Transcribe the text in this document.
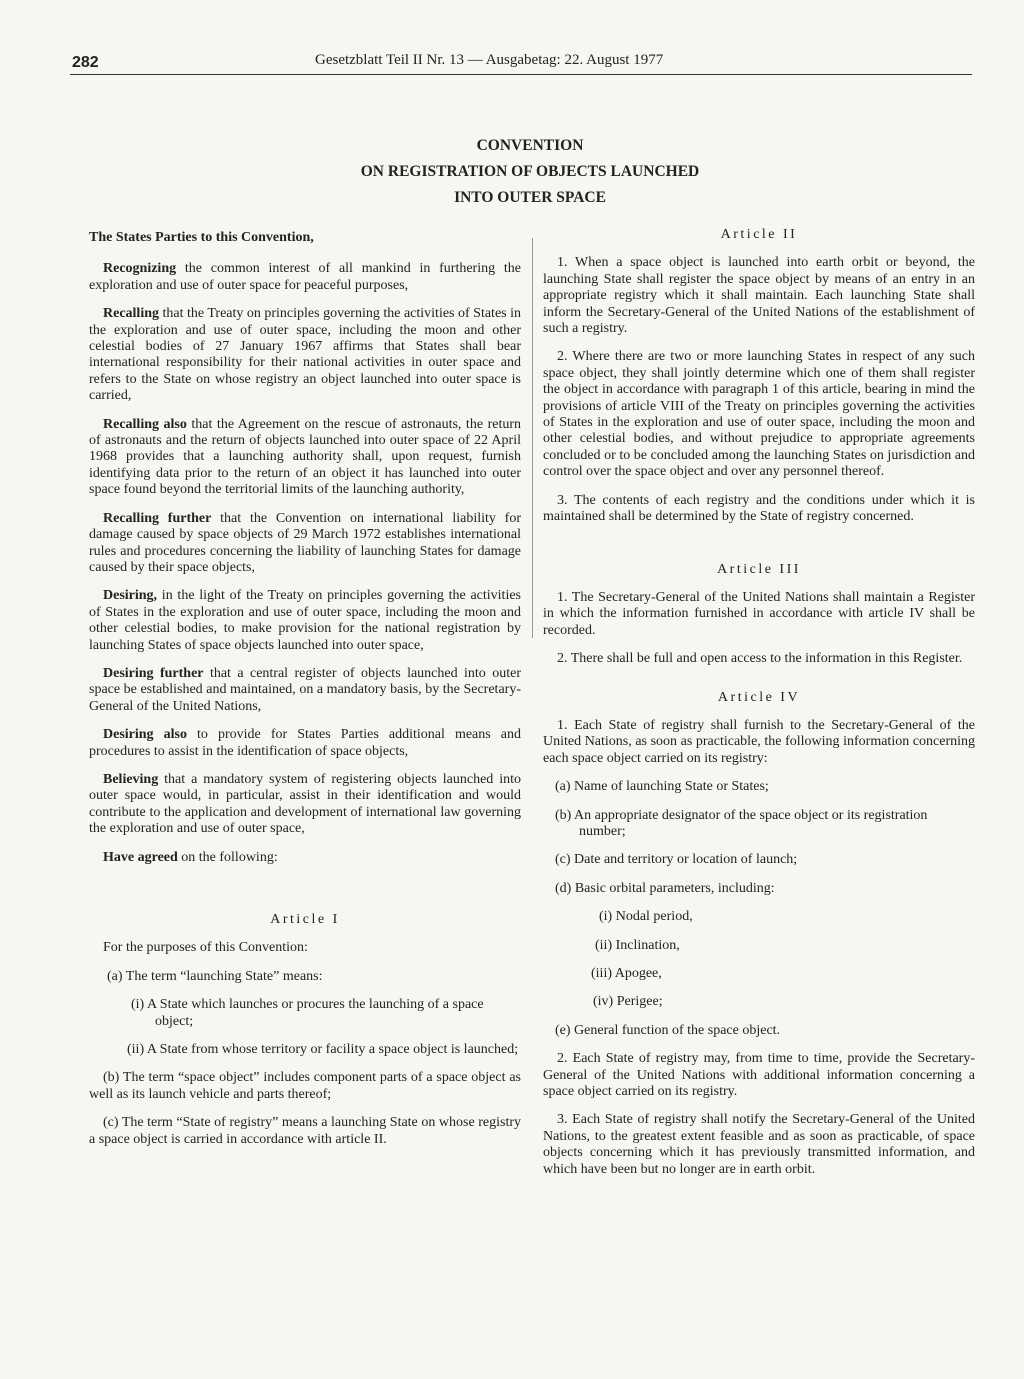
282	Gesetzblatt Teil II Nr. 13 — Ausgabetag: 22. August 1977
CONVENTION
ON REGISTRATION OF OBJECTS LAUNCHED
INTO OUTER SPACE

The States Parties to this Convention,

Recognizing the common interest of all mankind in furthering the exploration and use of outer space for peaceful purposes,

Recalling that the Treaty on principles governing the activities of States in the exploration and use of outer space, including the moon and other celestial bodies of 27 January 1967 affirms that States shall bear international responsibility for their national activities in outer space and refers to the State on whose registry an object launched into outer space is carried,

Recalling also that the Agreement on the rescue of astronauts, the return of astronauts and the return of objects launched into outer space of 22 April 1968 provides that a launching authority shall, upon request, furnish identifying data prior to the return of an object it has launched into outer space found beyond the territorial limits of the launching authority,

Recalling further that the Convention on international liability for damage caused by space objects of 29 March 1972 establishes international rules and procedures concerning the liability of launching States for damage caused by their space objects,

Desiring, in the light of the Treaty on principles governing the activities of States in the exploration and use of outer space, including the moon and other celestial bodies, to make provision for the national registration by launching States of space objects launched into outer space,

Desiring further that a central register of objects launched into outer space be established and maintained, on a mandatory basis, by the Secretary-General of the United Nations,

Desiring also to provide for States Parties additional means and procedures to assist in the identification of space objects,

Believing that a mandatory system of registering objects launched into outer space would, in particular, assist in their identification and would contribute to the application and development of international law governing the exploration and use of outer space,

Have agreed on the following:

Article I

For the purposes of this Convention:

(a) The term “launching State” means:

(i) A State which launches or procures the launching of a space object;

(ii) A State from whose territory or facility a space object is launched;

(b) The term “space object” includes component parts of a space object as well as its launch vehicle and parts thereof;

(c) The term “State of registry” means a launching State on whose registry a space object is carried in accordance with article II.

Article II

1. When a space object is launched into earth orbit or beyond, the launching State shall register the space object by means of an entry in an appropriate registry which it shall maintain. Each launching State shall inform the Secretary-General of the United Nations of the establishment of such a registry.

2. Where there are two or more launching States in respect of any such space object, they shall jointly determine which one of them shall register the object in accordance with paragraph 1 of this article, bearing in mind the provisions of article VIII of the Treaty on principles governing the activities of States in the exploration and use of outer space, including the moon and other celestial bodies, and without prejudice to appropriate agreements concluded or to be concluded among the launching States on jurisdiction and control over the space object and over any personnel thereof.

3. The contents of each registry and the conditions under which it is maintained shall be determined by the State of registry concerned.

Article III

1. The Secretary-General of the United Nations shall maintain a Register in which the information furnished in accordance with article IV shall be recorded.

2. There shall be full and open access to the information in this Register.

Article IV

1. Each State of registry shall furnish to the Secretary-General of the United Nations, as soon as practicable, the following information concerning each space object carried on its registry:

(a) Name of launching State or States;

(b) An appropriate designator of the space object or its registration number;

(c) Date and territory or location of launch;

(d) Basic orbital parameters, including:

(i) Nodal period,

(ii) Inclination,

(iii) Apogee,

(iv) Perigee;

(e) General function of the space object.

2. Each State of registry may, from time to time, provide the Secretary-General of the United Nations with additional information concerning a space object carried on its registry.

3. Each State of registry shall notify the Secretary-General of the United Nations, to the greatest extent feasible and as soon as practicable, of space objects concerning which it has previously transmitted information, and which have been but no longer are in earth orbit.
